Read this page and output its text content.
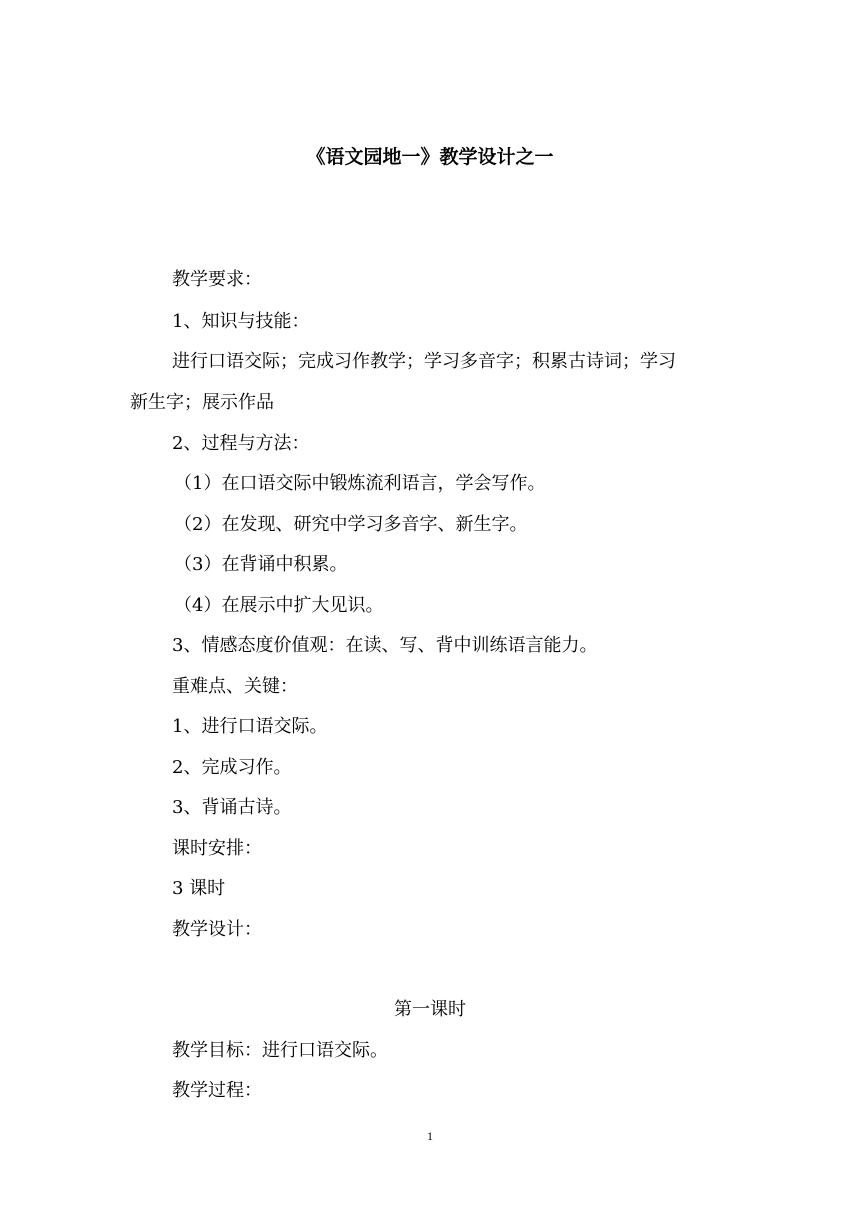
《语文园地一》教学设计之一
教学要求：
1、知识与技能：
进行口语交际；完成习作教学；学习多音字；积累古诗词；学习
新生字；展示作品
2、过程与方法：
（1）在口语交际中锻炼流利语言，学会写作。
（2）在发现、研究中学习多音字、新生字。
（3）在背诵中积累。
（4）在展示中扩大见识。
3、情感态度价值观：在读、写、背中训练语言能力。
重难点、关键：
1、进行口语交际。
2、完成习作。
3、背诵古诗。
课时安排：
3 课时
教学设计：
第一课时
教学目标：进行口语交际。
教学过程：
1
